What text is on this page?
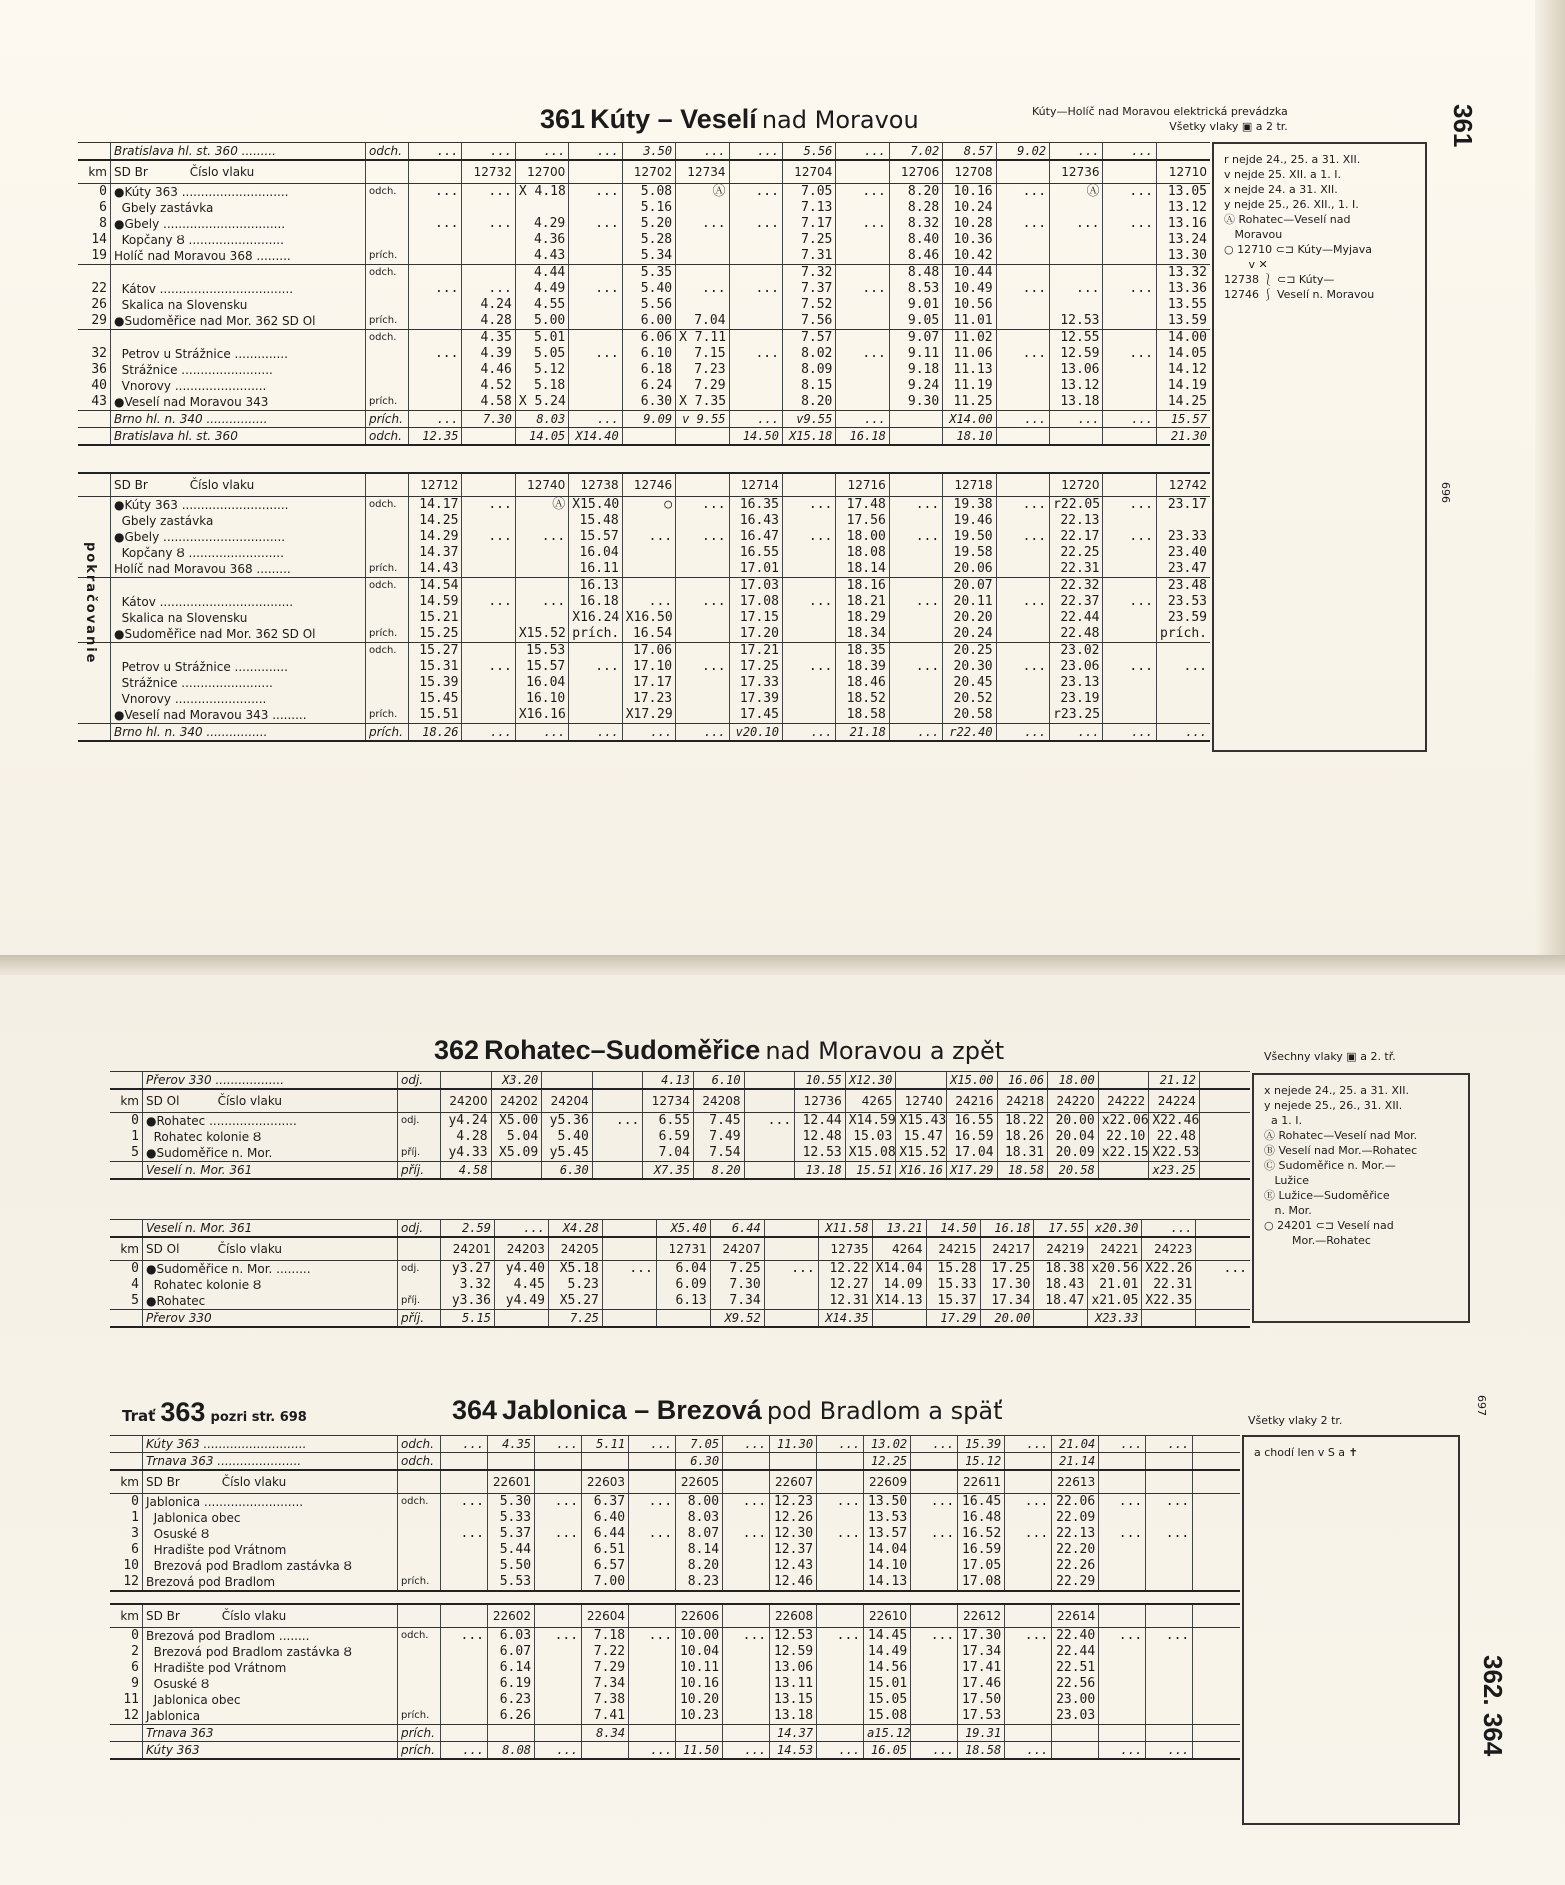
361 Kúty – Veselí nad Moravou	Kúty—Holíč nad Moravou elektrická prevádzka
Všetky vlaky ▣ a 2 tr.	361
696
	Bratislava hl. st. 360 .........	odch.	...	...	...	...	3.50	...	...	5.56	...	7.02	8.57	9.02	...	...	
km	SD Br           Číslo vlaku			12732	12700		12702	12734		12704		12706	12708		12736		12710
0	●Kúty 363 ............................	odch.	...	...	X 4.18	...	5.08	Ⓐ	...	7.05	...	8.20	10.16	...	Ⓐ	...	13.05
6	Gbely zastávka						5.16			7.13		8.28	10.24				13.12
8	●Gbely ................................		...	...	4.29	...	5.20	...	...	7.17	...	8.32	10.28	...	...	...	13.16
14	Kopčany Ȣ .........................				4.36		5.28			7.25		8.40	10.36				13.24
19	Holíč nad Moravou 368 .........	prích.			4.43		5.34			7.31		8.46	10.42				13.30
		odch.			4.44		5.35			7.32		8.48	10.44				13.32
22	Kátov ...................................		...	...	4.49	...	5.40	...	...	7.37	...	8.53	10.49	...	...	...	13.36
26	Skalica na Slovensku			4.24	4.55		5.56			7.52		9.01	10.56				13.55
29	●Sudoměřice nad Mor. 362 SD Ol	prích.		4.28	5.00		6.00	7.04		7.56		9.05	11.01		12.53		13.59
		odch.		4.35	5.01		6.06	X 7.11		7.57		9.07	11.02		12.55		14.00
32	Petrov u Strážnice ..............		...	4.39	5.05	...	6.10	7.15	...	8.02	...	9.11	11.06	...	12.59	...	14.05
36	Strážnice ........................			4.46	5.12		6.18	7.23		8.09		9.18	11.13		13.06		14.12
40	Vnorovy ........................			4.52	5.18		6.24	7.29		8.15		9.24	11.19		13.12		14.19
43	●Veselí nad Moravou 343	prích.		4.58	X 5.24		6.30	X 7.35		8.20		9.30	11.25		13.18		14.25
	Brno hl. n. 340 ................	prích.	...	7.30	8.03	...	9.09	v 9.55	...	v9.55	...		X14.00	...	...	...	15.57
	Bratislava hl. st. 360	odch.	12.35		14.05	X14.40			14.50	X15.18	16.18		18.10				21.30
	SD Br           Číslo vlaku		12712		12740	12738	12746		12714		12716		12718		12720		12742
	●Kúty 363 ............................	odch.	14.17	...	Ⓐ	X15.40	○	...	16.35	...	17.48	...	19.38	...	r22.05	...	23.17
	Gbely zastávka		14.25			15.48			16.43		17.56		19.46		22.13		
	●Gbely ................................		14.29	...	...	15.57	...	...	16.47	...	18.00	...	19.50	...	22.17	...	23.33
	Kopčany Ȣ .........................		14.37			16.04			16.55		18.08		19.58		22.25		23.40
	Holíč nad Moravou 368 .........	prích.	14.43			16.11			17.01		18.14		20.06		22.31		23.47
		odch.	14.54			16.13			17.03		18.16		20.07		22.32		23.48
	Kátov ...................................		14.59	...	...	16.18	...	...	17.08	...	18.21	...	20.11	...	22.37	...	23.53
	Skalica na Slovensku		15.21			X16.24	X16.50		17.15		18.29		20.20		22.44		23.59
	●Sudoměřice nad Mor. 362 SD Ol	prích.	15.25		X15.52	prích.	16.54		17.20		18.34		20.24		22.48		prích.
		odch.	15.27		15.53		17.06		17.21		18.35		20.25		23.02		
	Petrov u Strážnice ..............		15.31	...	15.57	...	17.10	...	17.25	...	18.39	...	20.30	...	23.06	...	...
	Strážnice ........................		15.39		16.04		17.17		17.33		18.46		20.45		23.13		
	Vnorovy ........................		15.45		16.10		17.23		17.39		18.52		20.52		23.19		
	●Veselí nad Moravou 343 .........	prích.	15.51		X16.16		X17.29		17.45		18.58		20.58		r23.25		
	Brno hl. n. 340 ................	prích.	18.26	...	...	...	...	...	v20.10	...	21.18	...	r22.40	...	...	...	...
r nejde 24., 25. a 31. XII.
v nejde 25. XII. a 1. I.
x nejde 24. a 31. XII.
y nejde 25., 26. XII., 1. I.
Ⓐ Rohatec—Veselí nad
Moravou
○ 12710 ⊂⊐ Kúty—Myjava
v ✕
12738 ⎱ ⊂⊐ Kúty—
12746 ⎰ Veselí n. Moravou
pokračovanie
362 Rohatec–Sudoměřice nad Moravou a zpět	Všechny vlaky ▣ a 2. tř.
	Přerov 330 ..................	odj.		X3.20			4.13	6.10		10.55	X12.30		X15.00	16.06	18.00		21.12	
km	SD Ol          Číslo vlaku		24200	24202	24204		12734	24208		12736	4265	12740	24216	24218	24220	24222	24224	
0	●Rohatec .......................	odj.	y4.24	X5.00	y5.36	...	6.55	7.45	...	12.44	X14.59	X15.43	16.55	18.22	20.00	x22.06	X22.46	
1	Rohatec kolonie Ȣ		4.28	5.04	5.40		6.59	7.49		12.48	15.03	15.47	16.59	18.26	20.04	22.10	22.48	
5	●Sudoměřice n. Mor.	příj.	y4.33	X5.09	y5.45		7.04	7.54		12.53	X15.08	X15.52	17.04	18.31	20.09	x22.15	X22.53	
	Veselí n. Mor. 361	příj.	4.58		6.30		X7.35	8.20		13.18	15.51	X16.16	X17.29	18.58	20.58		x23.25	
	Veselí n. Mor. 361	odj.	2.59	...	X4.28		X5.40	6.44		X11.58	13.21	14.50	16.18	17.55	x20.30	...	
km	SD Ol          Číslo vlaku		24201	24203	24205		12731	24207		12735	4264	24215	24217	24219	24221	24223	
0	●Sudoměřice n. Mor. .........	odj.	y3.27	y4.40	X5.18	...	6.04	7.25	...	12.22	X14.04	15.28	17.25	18.38	x20.56	X22.26	...
4	Rohatec kolonie Ȣ		3.32	4.45	5.23		6.09	7.30		12.27	14.09	15.33	17.30	18.43	21.01	22.31	
5	●Rohatec	příj.	y3.36	y4.49	X5.27		6.13	7.34		12.31	X14.13	15.37	17.34	18.47	x21.05	X22.35	
	Přerov 330	příj.	5.15		7.25			X9.52		X14.35		17.29	20.00		X23.33		
x nejede 24., 25. a 31. XII.
y nejede 25., 26., 31. XII.
a 1. I.
Ⓐ Rohatec—Veselí nad Mor.
Ⓑ Veselí nad Mor.—Rohatec
Ⓒ Sudoměřice n. Mor.—
Lužice
Ⓔ Lužice—Sudoměřice
n. Mor.
○ 24201 ⊂⊐ Veselí nad
Mor.—Rohatec
Trať 363 pozri str. 698	364 Jablonica – Brezová pod Bradlom a späť	Všetky vlaky 2 tr.
697
	Kúty 363 ...........................	odch.	...	4.35	...	5.11	...	7.05	...	11.30	...	13.02	...	15.39	...	21.04	...	...	
	Trnava 363 ......................	odch.						6.30				12.25		15.12		21.14			
km	SD Br           Číslo vlaku			22601		22603		22605		22607		22609		22611		22613			
0	Jablonica ..........................	odch.	...	5.30	...	6.37	...	8.00	...	12.23	...	13.50	...	16.45	...	22.06	...	...	
1	Jablonica obec			5.33		6.40		8.03		12.26		13.53		16.48		22.09			
3	Osuské Ȣ		...	5.37	...	6.44	...	8.07	...	12.30	...	13.57	...	16.52	...	22.13	...	...	
6	Hradište pod Vrátnom			5.44		6.51		8.14		12.37		14.04		16.59		22.20			
10	Brezová pod Bradlom zastávka Ȣ			5.50		6.57		8.20		12.43		14.10		17.05		22.26			
12	Brezová pod Bradlom	prích.		5.53		7.00		8.23		12.46		14.13		17.08		22.29			
km	SD Br           Číslo vlaku			22602		22604		22606		22608		22610		22612		22614			
0	Brezová pod Bradlom ........	odch.	...	6.03	...	7.18	...	10.00	...	12.53	...	14.45	...	17.30	...	22.40	...	...	
2	Brezová pod Bradlom zastávka Ȣ			6.07		7.22		10.04		12.59		14.49		17.34		22.44			
6	Hradište pod Vrátnom			6.14		7.29		10.11		13.06		14.56		17.41		22.51			
9	Osuské Ȣ			6.19		7.34		10.16		13.11		15.01		17.46		22.56			
11	Jablonica obec			6.23		7.38		10.20		13.15		15.05		17.50		23.00			
12	Jablonica	prích.		6.26		7.41		10.23		13.18		15.08		17.53		23.03			
	Trnava 363	prích.				8.34				14.37		a15.12		19.31					
	Kúty 363	prích.	...	8.08	...		...	11.50	...	14.53	...	16.05	...	18.58	...		...	...	
a chodí len v S a ✝
362. 364
